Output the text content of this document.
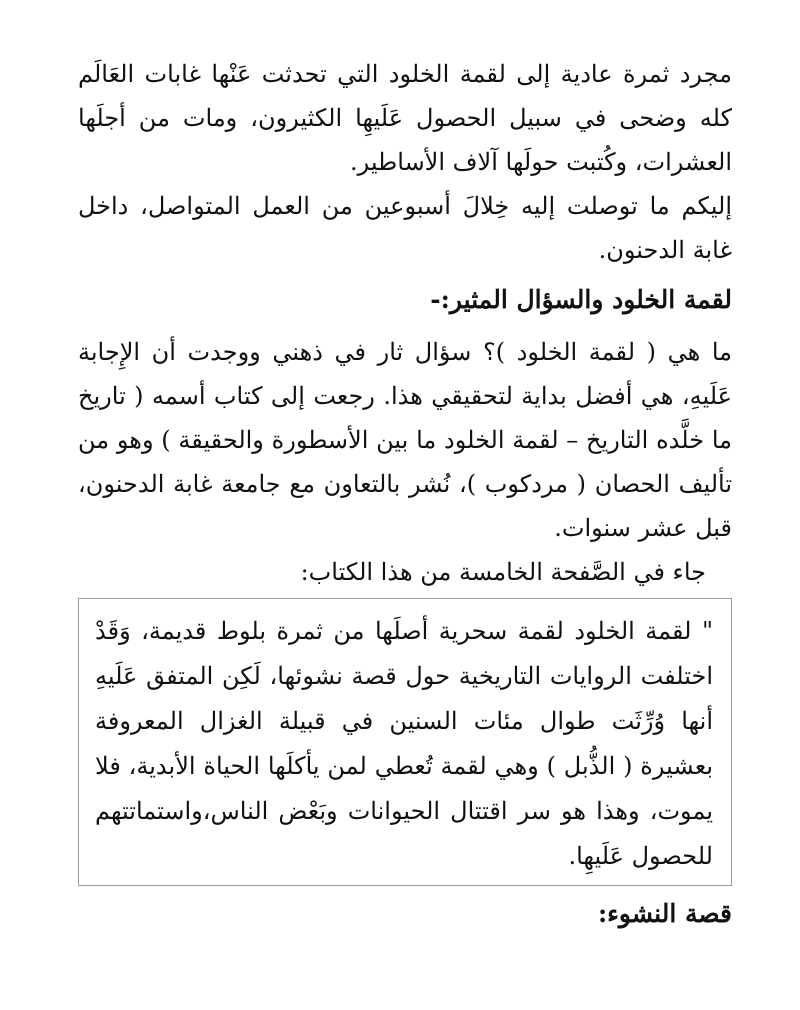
مجرد ثمرة عادية إلى لقمة الخلود التي تحدثت عَنْها غابات العَالَم كله وضحى في سبيل الحصول عَلَيهِا الكثيرون، ومات من أجلَها العشرات، وكُتبت حولَها آلاف الأساطير.

إليكم ما توصلت إليه خِلالَ أسبوعين من العمل المتواصل، داخل غابة الدحنون.

لقمة الخلود والسؤال المثير:-

ما هي ( لقمة الخلود )؟ سؤال ثار في ذهني ووجدت أن الإِجابة عَلَيهِ، هي أفضل بداية لتحقيقي هذا. رجعت إلى كتاب أسمه ( تاريخ ما خلَّده التاريخ – لقمة الخلود ما بين الأسطورة والحقيقة ) وهو من تأليف الحصان ( مردكوب )، نُشر بالتعاون مع جامعة غابة الدحنون، قبل عشر سنوات.

جاء في الصَّفحة الخامسة من هذا الكتاب:

" لقمة الخلود لقمة سحرية أصلَها من ثمرة بلوط قديمة، وَقَدْ اختلفت الروايات التاريخية حول قصة نشوئها، لَكِن المتفق عَلَيهِ أنها وُرِّثَت طوال مئات السنين في قبيلة الغزال المعروفة بعشيرة ( الذُّبل ) وهي لقمة تُعطي لمن يأكلَها الحياة الأبدية، فلا يموت، وهذا هو سر اقتتال الحيوانات وبَعْض الناس،واستماتتهم للحصول عَلَيهِا.

قصة النشوء:
